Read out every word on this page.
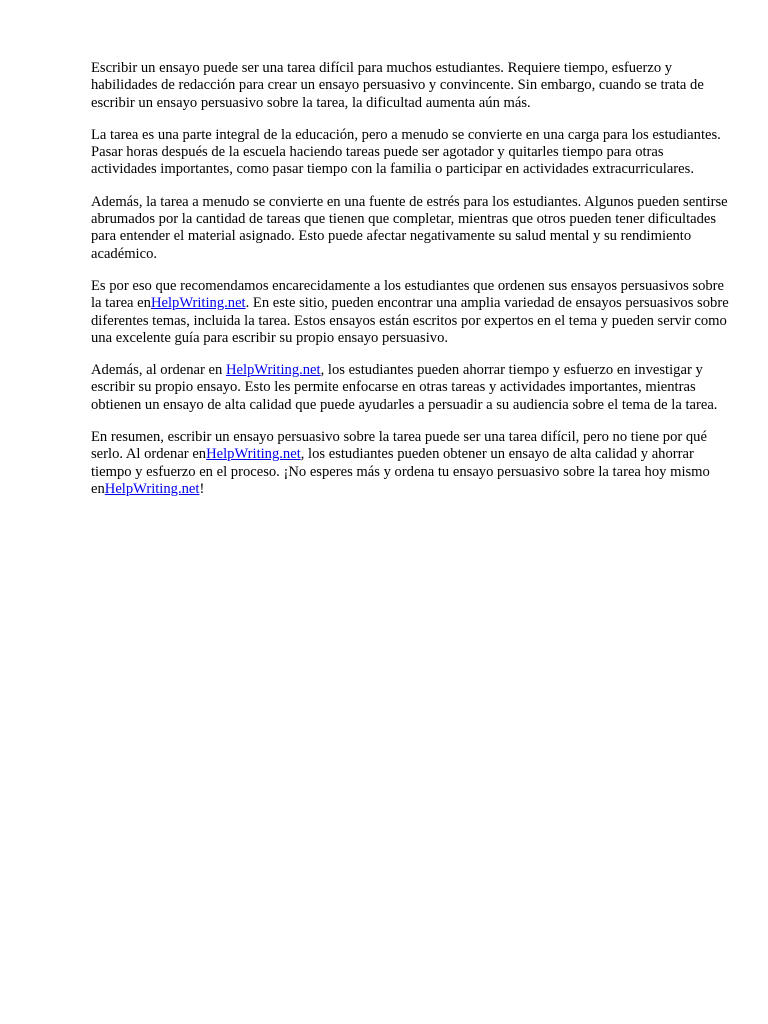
Escribir un ensayo puede ser una tarea difícil para muchos estudiantes. Requiere tiempo, esfuerzo y habilidades de redacción para crear un ensayo persuasivo y convincente. Sin embargo, cuando se trata de escribir un ensayo persuasivo sobre la tarea, la dificultad aumenta aún más.

La tarea es una parte integral de la educación, pero a menudo se convierte en una carga para los estudiantes. Pasar horas después de la escuela haciendo tareas puede ser agotador y quitarles tiempo para otras actividades importantes, como pasar tiempo con la familia o participar en actividades extracurriculares.

Además, la tarea a menudo se convierte en una fuente de estrés para los estudiantes. Algunos pueden sentirse abrumados por la cantidad de tareas que tienen que completar, mientras que otros pueden tener dificultades para entender el material asignado. Esto puede afectar negativamente su salud mental y su rendimiento académico.

Es por eso que recomendamos encarecidamente a los estudiantes que ordenen sus ensayos persuasivos sobre la tarea enHelpWriting.net. En este sitio, pueden encontrar una amplia variedad de ensayos persuasivos sobre diferentes temas, incluida la tarea. Estos ensayos están escritos por expertos en el tema y pueden servir como una excelente guía para escribir su propio ensayo persuasivo.

Además, al ordenar en HelpWriting.net, los estudiantes pueden ahorrar tiempo y esfuerzo en investigar y escribir su propio ensayo. Esto les permite enfocarse en otras tareas y actividades importantes, mientras obtienen un ensayo de alta calidad que puede ayudarles a persuadir a su audiencia sobre el tema de la tarea.

En resumen, escribir un ensayo persuasivo sobre la tarea puede ser una tarea difícil, pero no tiene por qué serlo. Al ordenar enHelpWriting.net, los estudiantes pueden obtener un ensayo de alta calidad y ahorrar tiempo y esfuerzo en el proceso. ¡No esperes más y ordena tu ensayo persuasivo sobre la tarea hoy mismo enHelpWriting.net!
